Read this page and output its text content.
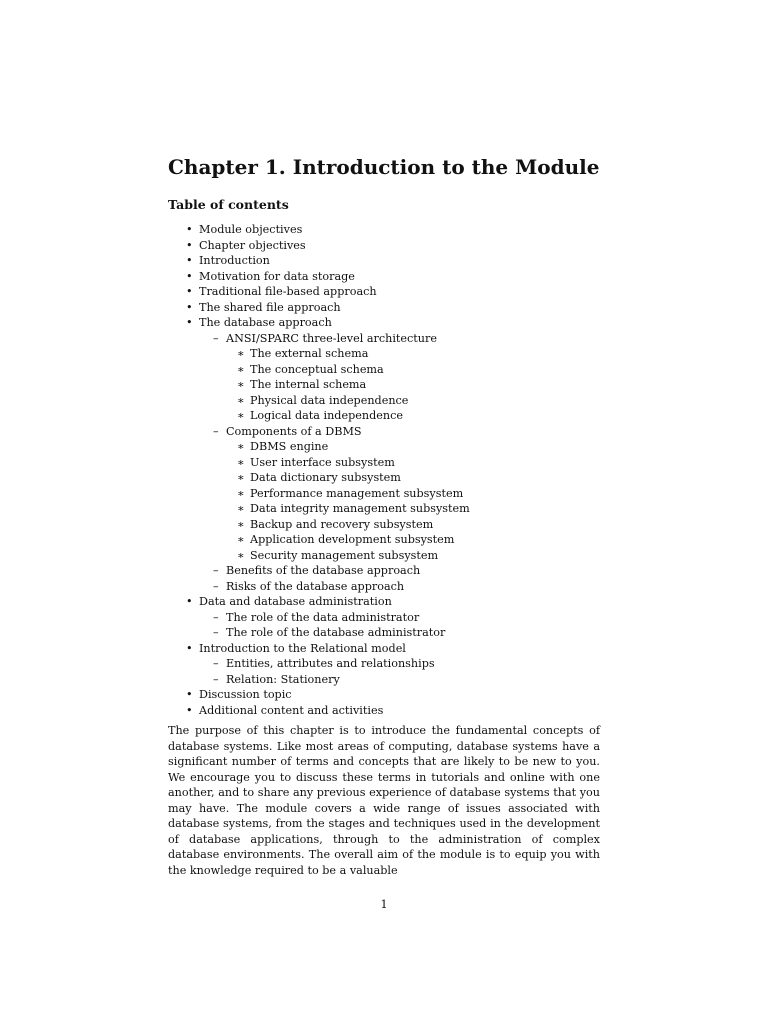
Chapter 1. Introduction to the Module
Table of contents
• Module objectives
• Chapter objectives
• Introduction
• Motivation for data storage
• Traditional file-based approach
• The shared file approach
• The database approach
– ANSI/SPARC three-level architecture
∗ The external schema
∗ The conceptual schema
∗ The internal schema
∗ Physical data independence
∗ Logical data independence
– Components of a DBMS
∗ DBMS engine
∗ User interface subsystem
∗ Data dictionary subsystem
∗ Performance management subsystem
∗ Data integrity management subsystem
∗ Backup and recovery subsystem
∗ Application development subsystem
∗ Security management subsystem
– Benefits of the database approach
– Risks of the database approach
• Data and database administration
– The role of the data administrator
– The role of the database administrator
• Introduction to the Relational model
– Entities, attributes and relationships
– Relation: Stationery
• Discussion topic
• Additional content and activities

The purpose of this chapter is to introduce the fundamental concepts of database systems. Like most areas of computing, database systems have a significant number of terms and concepts that are likely to be new to you. We encourage you to discuss these terms in tutorials and online with one another, and to share any previous experience of database systems that you may have. The module covers a wide range of issues associated with database systems, from the stages and techniques used in the development of database applications, through to the administration of complex database environments. The overall aim of the module is to equip you with the knowledge required to be a valuable

1
